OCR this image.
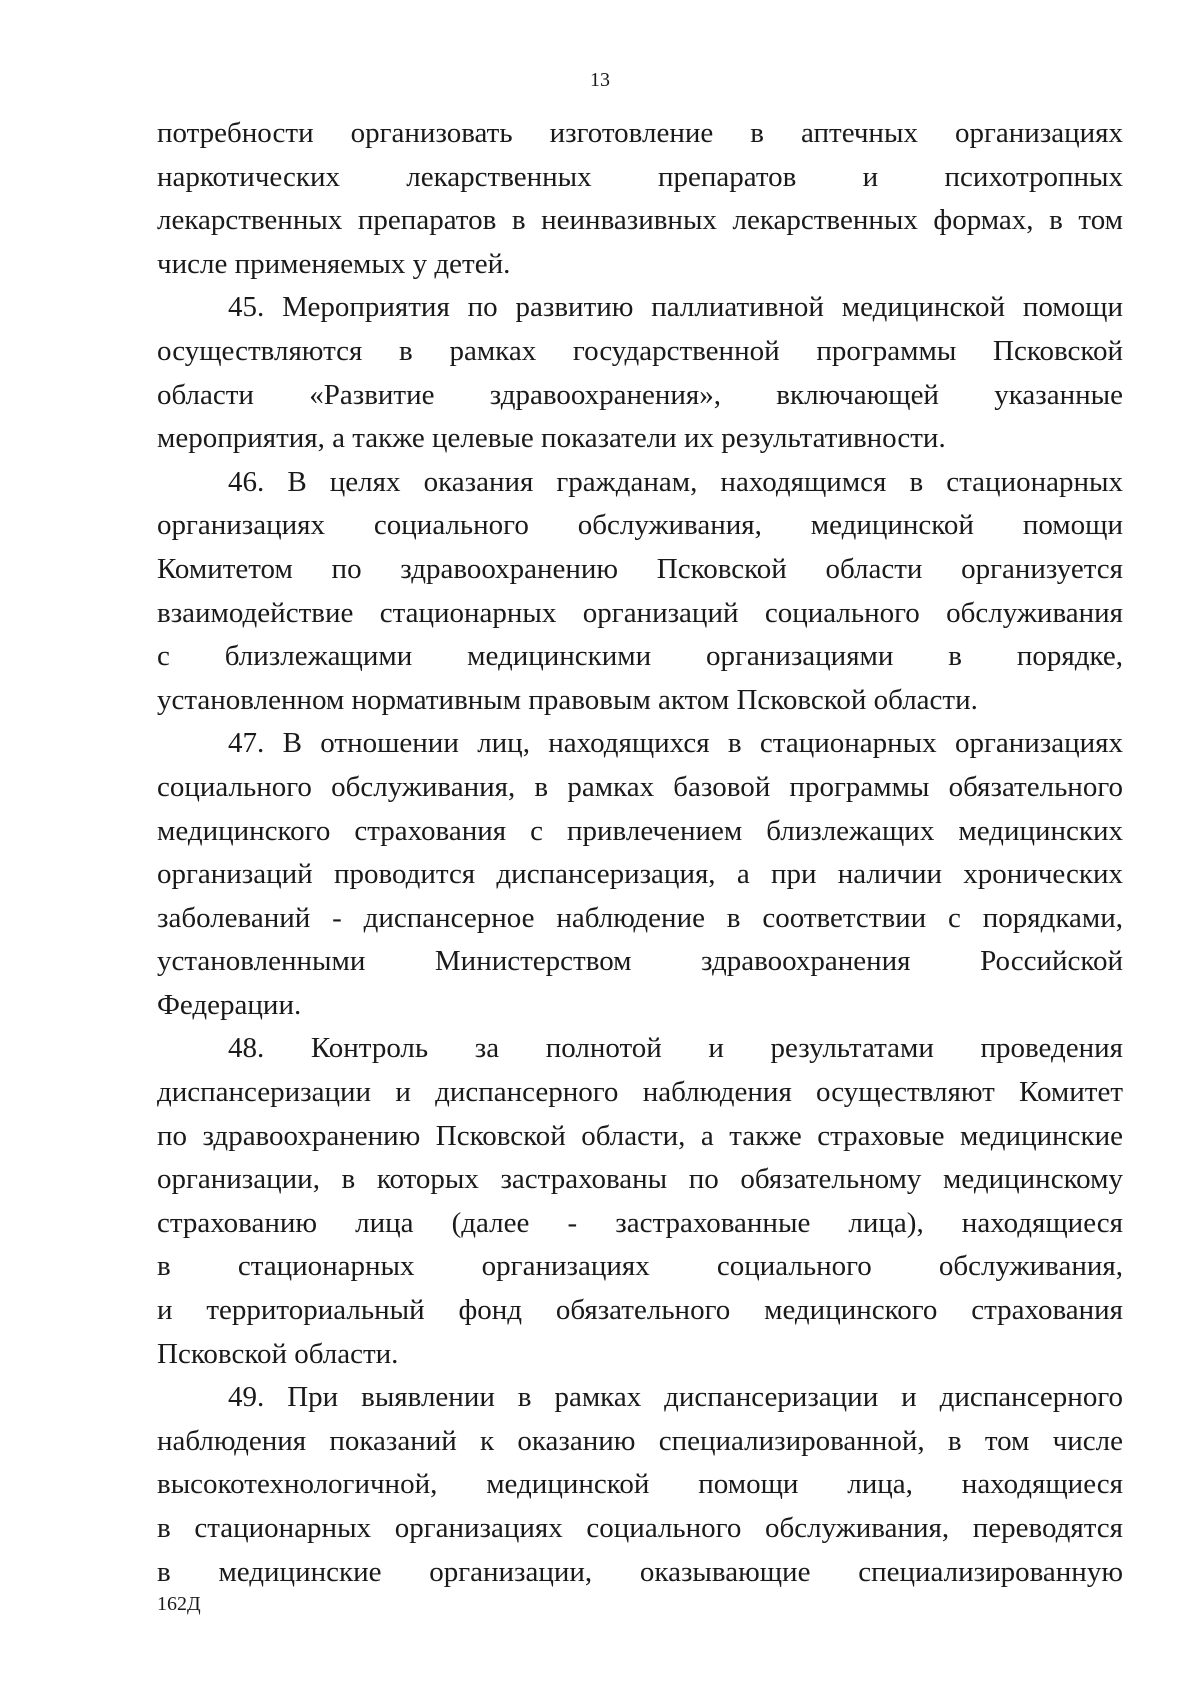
13
потребности организовать изготовление в аптечных организациях
наркотических лекарственных препаратов и психотропных
лекарственных препаратов в неинвазивных лекарственных формах, в том
числе применяемых у детей.
45. Мероприятия по развитию паллиативной медицинской помощи
осуществляются в рамках государственной программы Псковской
области «Развитие здравоохранения», включающей указанные
мероприятия, а также целевые показатели их результативности.
46. В целях оказания гражданам, находящимся в стационарных
организациях социального обслуживания, медицинской помощи
Комитетом по здравоохранению Псковской области организуется
взаимодействие стационарных организаций социального обслуживания
с близлежащими медицинскими организациями в порядке,
установленном нормативным правовым актом Псковской области.
47. В отношении лиц, находящихся в стационарных организациях
социального обслуживания, в рамках базовой программы обязательного
медицинского страхования с привлечением близлежащих медицинских
организаций проводится диспансеризация, а при наличии хронических
заболеваний - диспансерное наблюдение в соответствии с порядками,
установленными Министерством здравоохранения Российской
Федерации.
48. Контроль за полнотой и результатами проведения
диспансеризации и диспансерного наблюдения осуществляют Комитет
по здравоохранению Псковской области, а также страховые медицинские
организации, в которых застрахованы по обязательному медицинскому
страхованию лица (далее - застрахованные лица), находящиеся
в стационарных организациях социального обслуживания,
и территориальный фонд обязательного медицинского страхования
Псковской области.
49. При выявлении в рамках диспансеризации и диспансерного
наблюдения показаний к оказанию специализированной, в том числе
высокотехнологичной, медицинской помощи лица, находящиеся
в стационарных организациях социального обслуживания, переводятся
в медицинские организации, оказывающие специализированную
162Д
